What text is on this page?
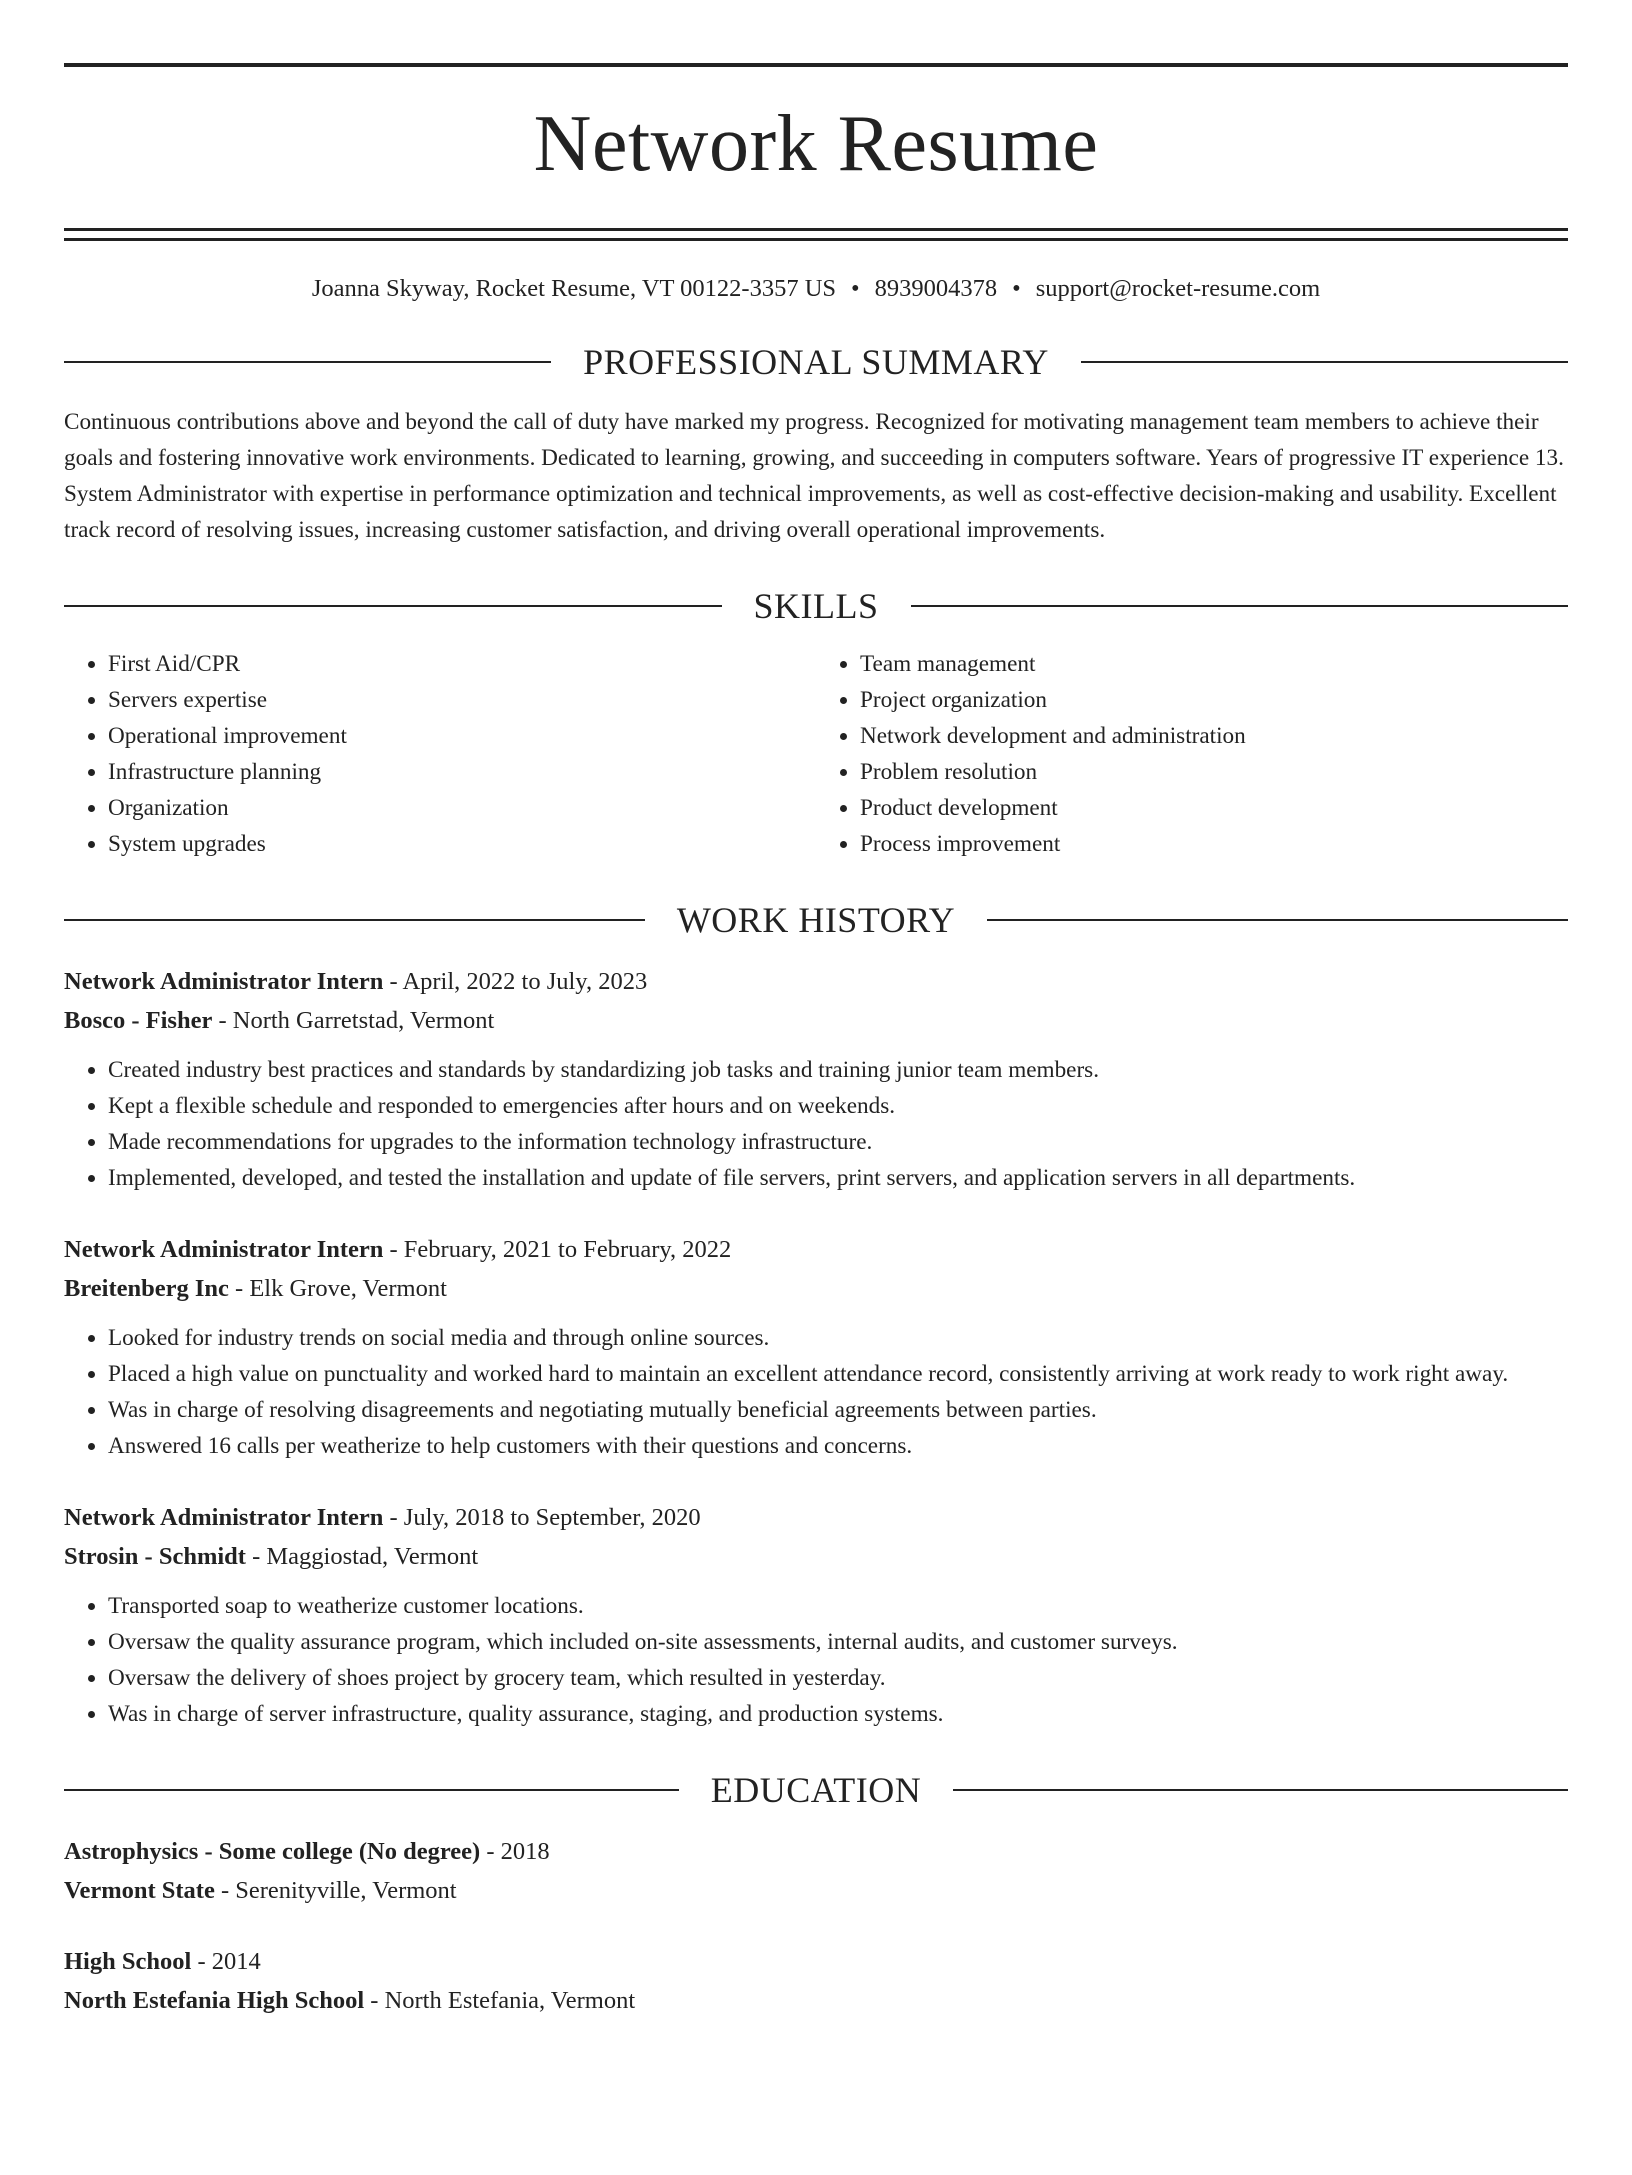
Network Resume
Joanna Skyway, Rocket Resume, VT 00122-3357 US • 8939004378 • support@rocket-resume.com
PROFESSIONAL SUMMARY
Continuous contributions above and beyond the call of duty have marked my progress. Recognized for motivating management team members to achieve their goals and fostering innovative work environments. Dedicated to learning, growing, and succeeding in computers software. Years of progressive IT experience 13. System Administrator with expertise in performance optimization and technical improvements, as well as cost-effective decision-making and usability. Excellent track record of resolving issues, increasing customer satisfaction, and driving overall operational improvements.
SKILLS
• First Aid/CPR
• Servers expertise
• Operational improvement
• Infrastructure planning
• Organization
• System upgrades
• Team management
• Project organization
• Network development and administration
• Problem resolution
• Product development
• Process improvement
WORK HISTORY
Network Administrator Intern - April, 2022 to July, 2023
Bosco - Fisher - North Garretstad, Vermont
• Created industry best practices and standards by standardizing job tasks and training junior team members.
• Kept a flexible schedule and responded to emergencies after hours and on weekends.
• Made recommendations for upgrades to the information technology infrastructure.
• Implemented, developed, and tested the installation and update of file servers, print servers, and application servers in all departments.
Network Administrator Intern - February, 2021 to February, 2022
Breitenberg Inc - Elk Grove, Vermont
• Looked for industry trends on social media and through online sources.
• Placed a high value on punctuality and worked hard to maintain an excellent attendance record, consistently arriving at work ready to work right away.
• Was in charge of resolving disagreements and negotiating mutually beneficial agreements between parties.
• Answered 16 calls per weatherize to help customers with their questions and concerns.
Network Administrator Intern - July, 2018 to September, 2020
Strosin - Schmidt - Maggiostad, Vermont
• Transported soap to weatherize customer locations.
• Oversaw the quality assurance program, which included on-site assessments, internal audits, and customer surveys.
• Oversaw the delivery of shoes project by grocery team, which resulted in yesterday.
• Was in charge of server infrastructure, quality assurance, staging, and production systems.
EDUCATION
Astrophysics - Some college (No degree) - 2018
Vermont State - Serenityville, Vermont
High School - 2014
North Estefania High School - North Estefania, Vermont
